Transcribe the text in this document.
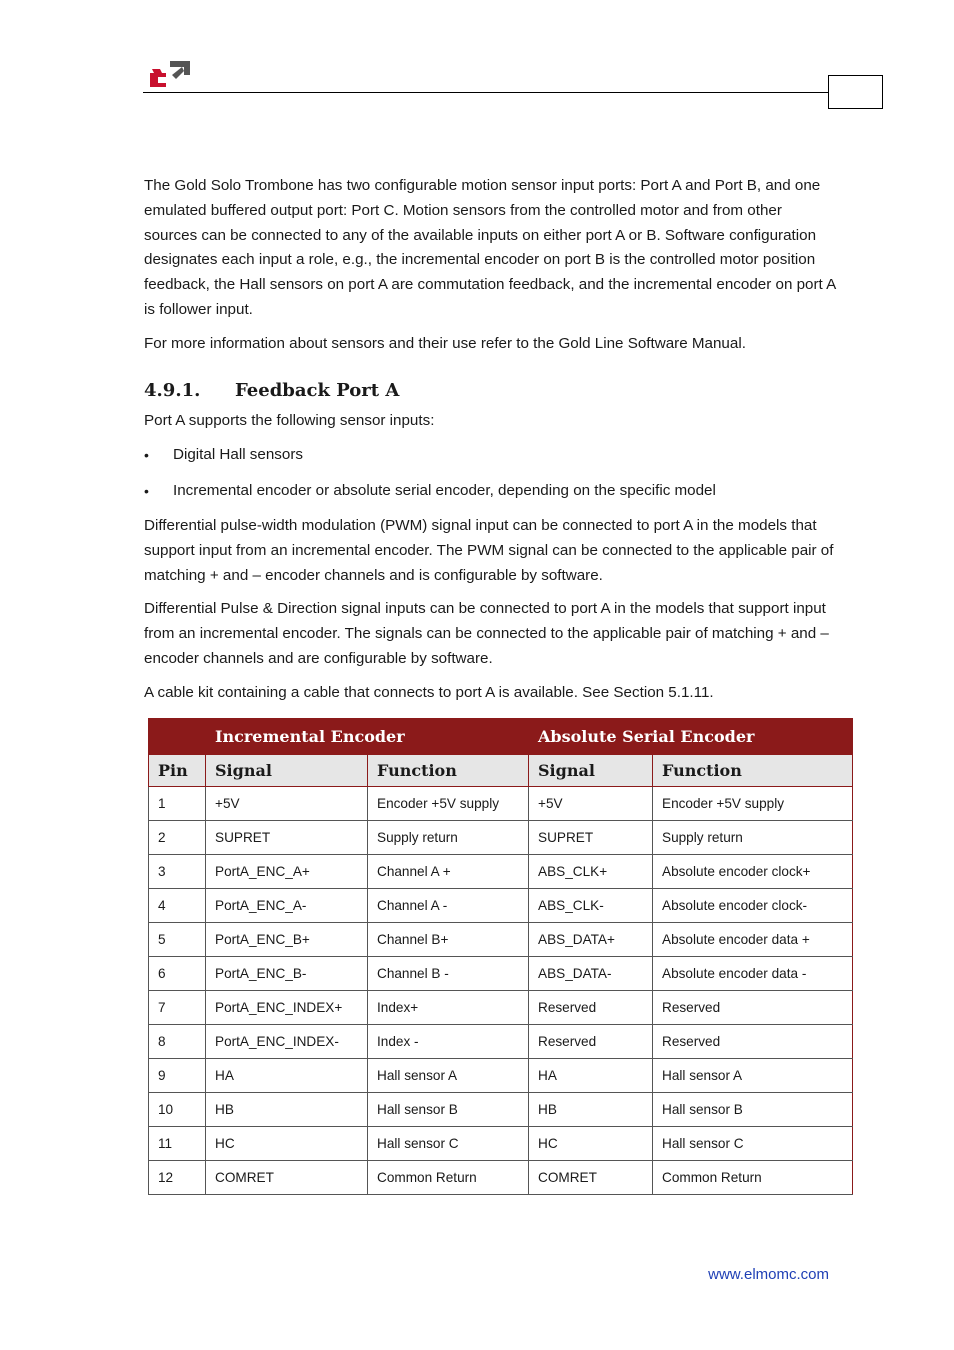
The Gold Solo Trombone has two configurable motion sensor input ports: Port A and Port B, and one emulated buffered output port: Port C. Motion sensors from the controlled motor and from other sources can be connected to any of the available inputs on either port A or B. Software configuration designates each input a role, e.g., the incremental encoder on port B is the controlled motor position feedback, the Hall sensors on port A are commutation feedback, and the incremental encoder on port A is follower input.

For more information about sensors and their use refer to the Gold Line Software Manual.

4.9.1.	Feedback Port A

Port A supports the following sensor inputs:

• Digital Hall sensors
• Incremental encoder or absolute serial encoder, depending on the specific model

Differential pulse-width modulation (PWM) signal input can be connected to port A in the models that support input from an incremental encoder. The PWM signal can be connected to the applicable pair of matching + and – encoder channels and is configurable by software.

Differential Pulse & Direction signal inputs can be connected to port A in the models that support input from an incremental encoder. The signals can be connected to the applicable pair of matching + and – encoder channels and are configurable by software.

A cable kit containing a cable that connects to port A is available. See Section 5.1.11.

	Incremental Encoder		Absolute Serial Encoder	
Pin	Signal	Function	Signal	Function
1	+5V	Encoder +5V supply	+5V	Encoder +5V supply
2	SUPRET	Supply return	SUPRET	Supply return
3	PortA_ENC_A+	Channel A +	ABS_CLK+	Absolute encoder clock+
4	PortA_ENC_A-	Channel A -	ABS_CLK-	Absolute encoder clock-
5	PortA_ENC_B+	Channel B+	ABS_DATA+	Absolute encoder data +
6	PortA_ENC_B-	Channel B -	ABS_DATA-	Absolute encoder data -
7	PortA_ENC_INDEX+	Index+	Reserved	Reserved
8	PortA_ENC_INDEX-	Index -	Reserved	Reserved
9	HA	Hall sensor A	HA	Hall sensor A
10	HB	Hall sensor B	HB	Hall sensor B
11	HC	Hall sensor C	HC	Hall sensor C
12	COMRET	Common Return	COMRET	Common Return
www.elmomc.com
